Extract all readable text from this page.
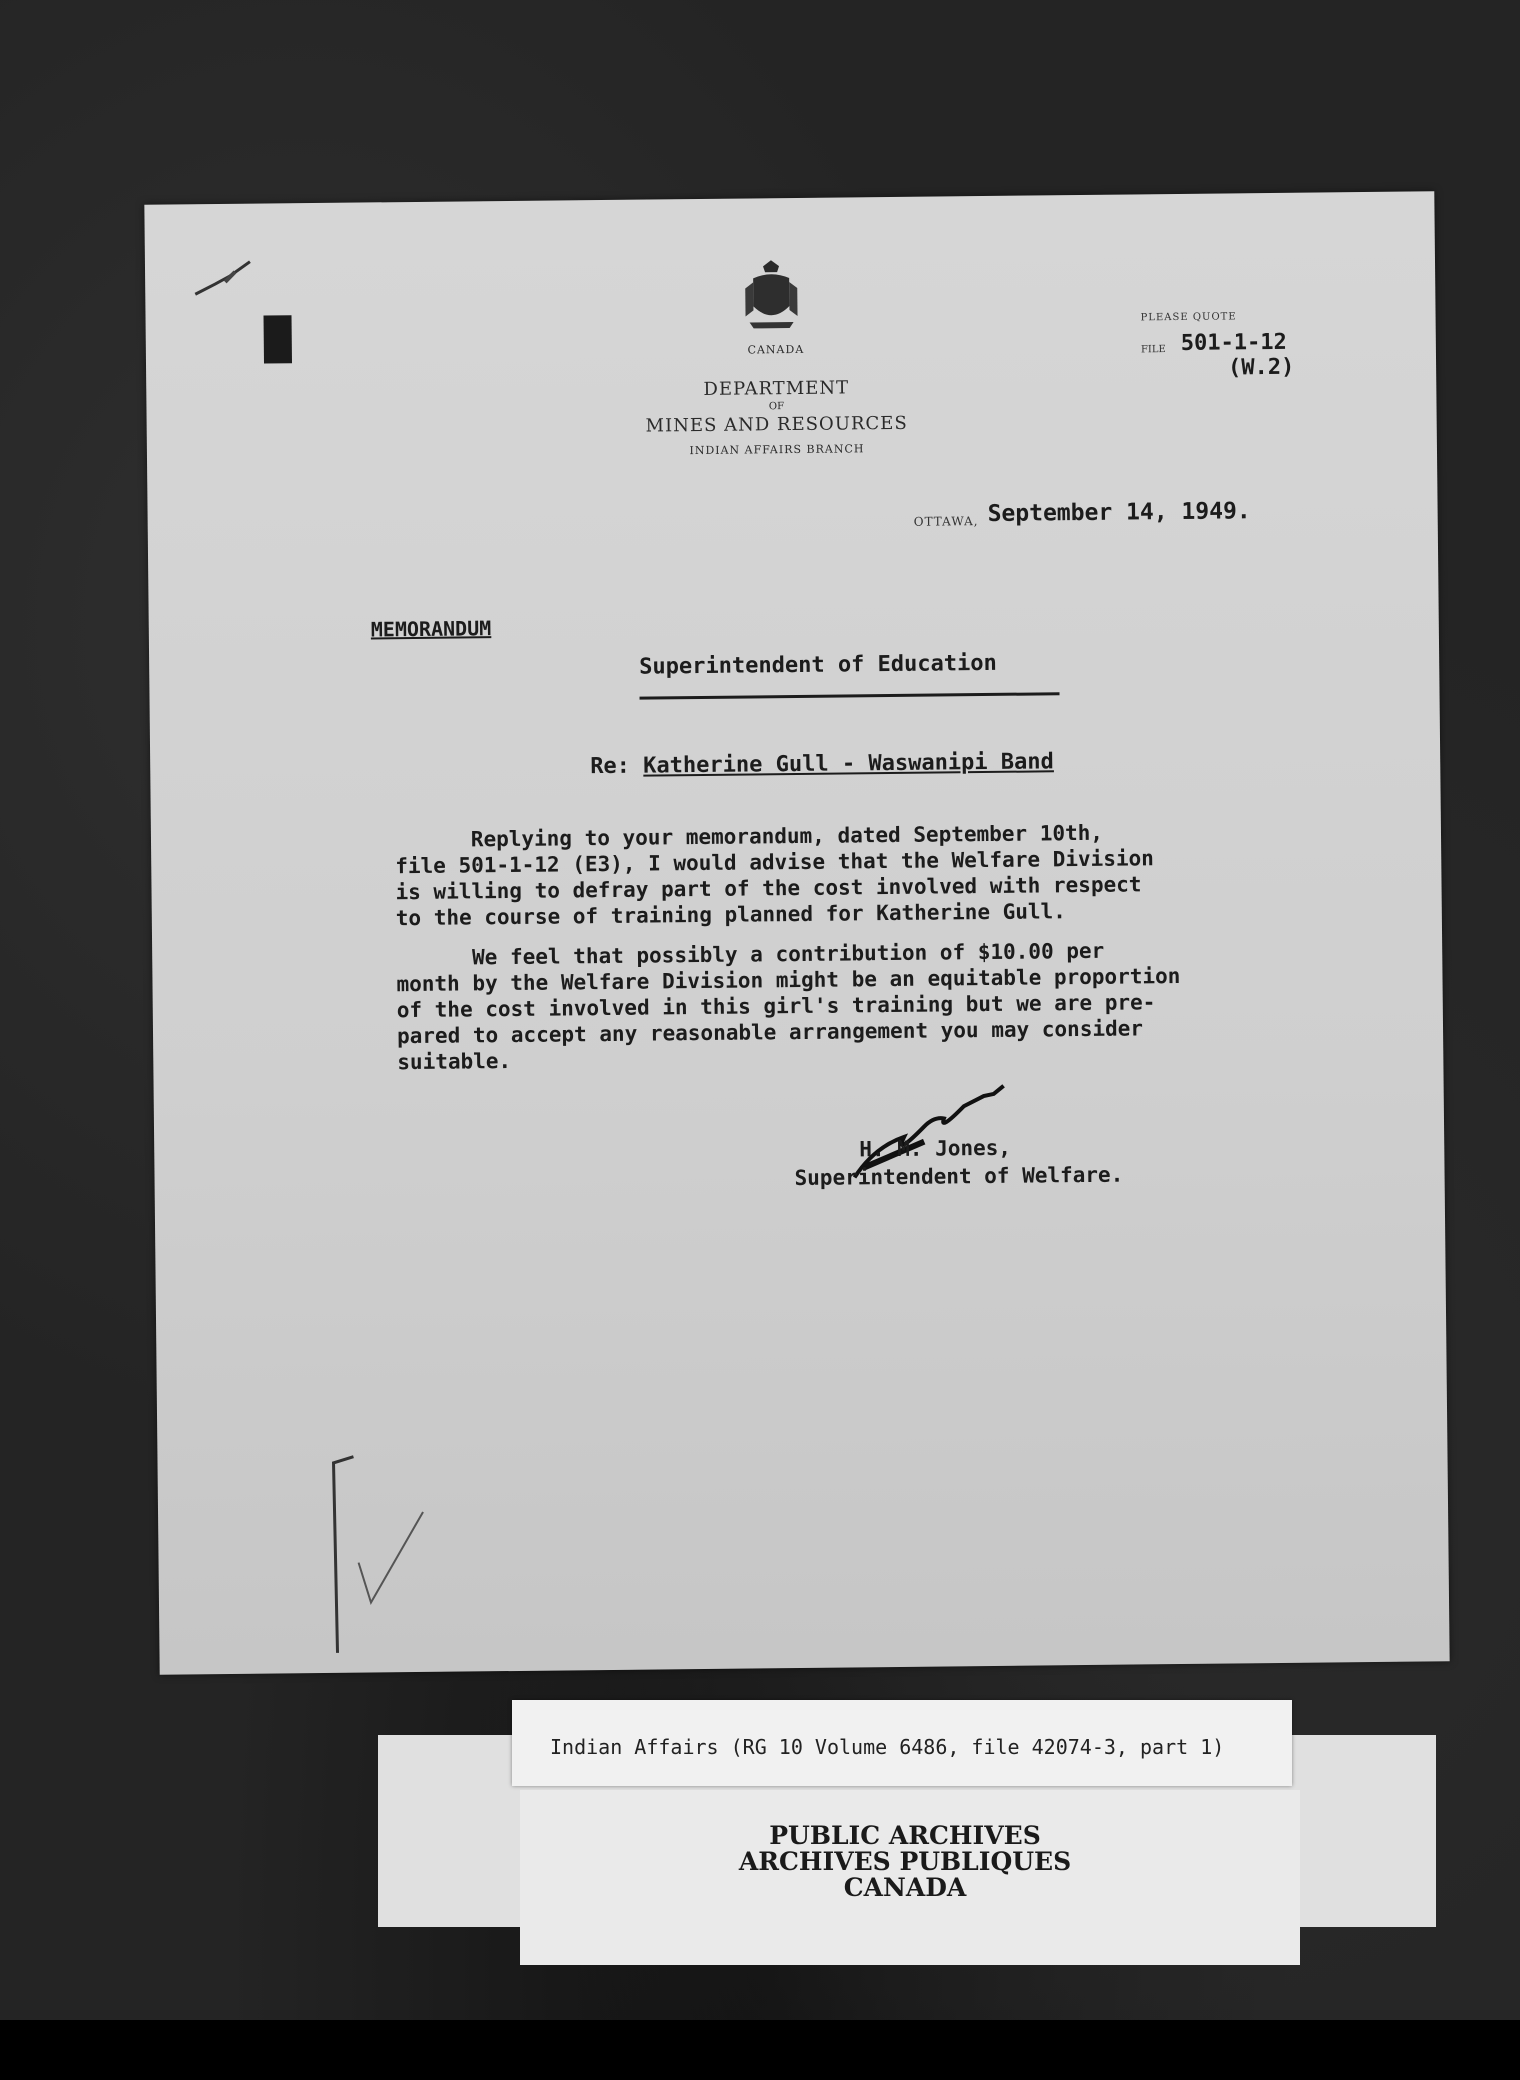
CANADA
DEPARTMENT
OF
MINES AND RESOURCES
INDIAN AFFAIRS BRANCH
PLEASE QUOTE
FILE 501-1-12
(W.2)
OTTAWA, September 14, 1949.
MEMORANDUM
Superintendent of Education
Re: Katherine Gull - Waswanipi Band
Replying to your memorandum, dated September 10th,
file 501-1-12 (E3), I would advise that the Welfare Division
is willing to defray part of the cost involved with respect
to the course of training planned for Katherine Gull.
We feel that possibly a contribution of $10.00 per
month by the Welfare Division might be an equitable proportion
of the cost involved in this girl's training but we are pre-
pared to accept any reasonable arrangement you may consider
suitable.
H. M. Jones,
Superintendent of Welfare.
Indian Affairs (RG 10 Volume 6486, file 42074-3, part 1)
PUBLIC ARCHIVES
ARCHIVES PUBLIQUES
CANADA
